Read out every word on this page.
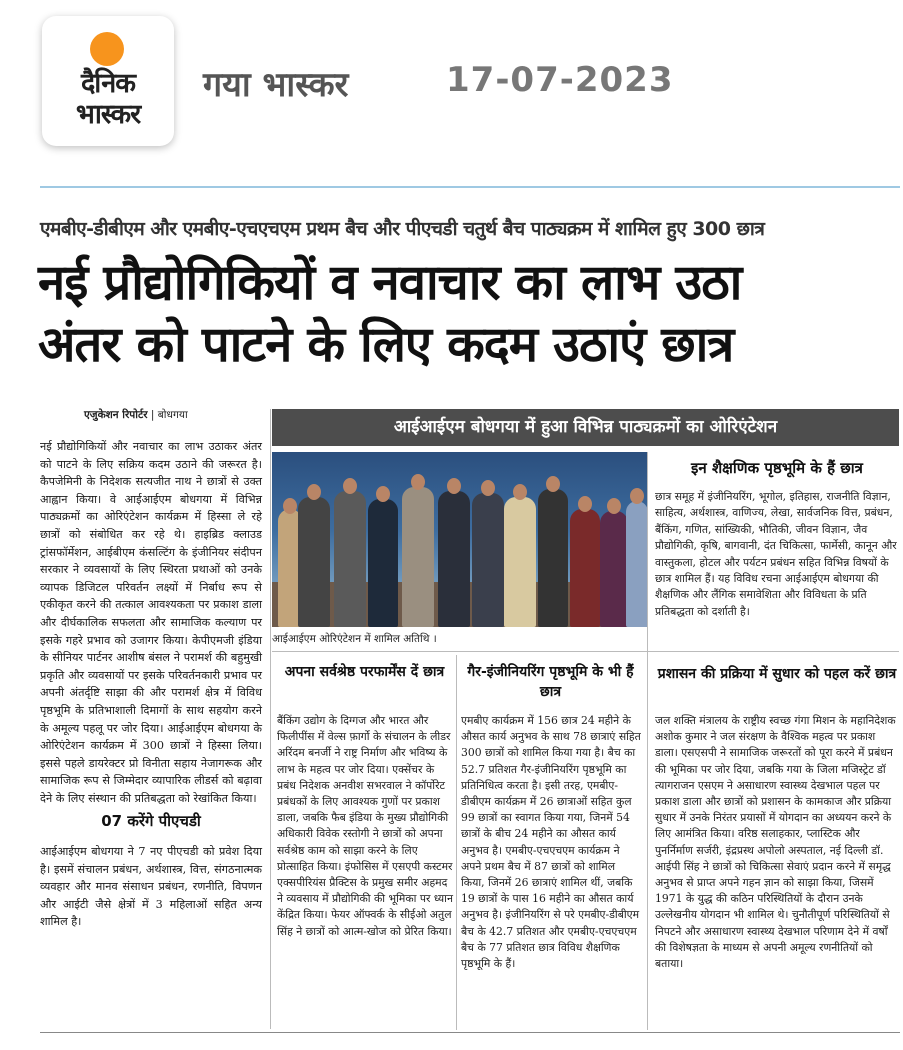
दैनिक
भास्कर
गया भास्कर	17-07-2023
एमबीए-डीबीएम और एमबीए-एचएचएम प्रथम बैच और पीएचडी चतुर्थ बैच पाठ्यक्रम में शामिल हुए 300 छात्र
नई प्रौद्योगिकियों व नवाचार का लाभ उठा
अंतर को पाटने के लिए कदम उठाएं छात्र
एजुकेशन रिपोर्टर | बोधगया

नई प्रौद्योगिकियों और नवाचार का लाभ उठाकर अंतर को पाटने के लिए सक्रिय कदम उठाने की जरूरत है। कैपजेमिनी के निदेशक सत्यजीत नाथ ने छात्रों से उक्त आह्वान किया। वे आईआईएम बोधगया में विभिन्न पाठ्यक्रमों का ओरिएंटेशन कार्यक्रम में हिस्सा ले रहे छात्रों को संबोधित कर रहे थे। हाइब्रिड क्लाउड ट्रांसफॉर्मेशन, आईबीएम कंसल्टिंग के इंजीनियर संदीपन सरकार ने व्यवसायों के लिए स्थिरता प्रथाओं को उनके व्यापक डिजिटल परिवर्तन लक्ष्यों में निर्बाध रूप से एकीकृत करने की तत्काल आवश्यकता पर प्रकाश डाला और दीर्घकालिक सफलता और सामाजिक कल्याण पर इसके गहरे प्रभाव को उजागर किया। केपीएमजी इंडिया के सीनियर पार्टनर आशीष बंसल ने परामर्श की बहुमुखी प्रकृति और व्यवसायों पर इसके परिवर्तनकारी प्रभाव पर अपनी अंतर्दृष्टि साझा की और परामर्श क्षेत्र में विविध पृष्ठभूमि के प्रतिभाशाली दिमागों के साथ सहयोग करने के अमूल्य पहलू पर जोर दिया। आईआईएम बोधगया के ओरिएंटेशन कार्यक्रम में 300 छात्रों ने हिस्सा लिया। इससे पहले डायरेक्टर प्रो विनीता सहाय नेजागरूक और सामाजिक रूप से जिम्मेदार व्यापारिक लीडर्स को बढ़ावा देने के लिए संस्थान की प्रतिबद्धता को रेखांकित किया।

07 करेंगे पीएचडी

आईआईएम बोधगया ने 7 नए पीएचडी को प्रवेश दिया है। इसमें संचालन प्रबंधन, अर्थशास्त्र, वित्त, संगठनात्मक व्यवहार और मानव संसाधन प्रबंधन, रणनीति, विपणन और आईटी जैसे क्षेत्रों में 3 महिलाओं सहित अन्य शामिल है।

आईआईएम बोधगया में हुआ विभिन्न पाठ्यक्रमों का ओरिएंटेशन
आईआईएम ओरिएंटेशन में शामिल अतिथि ।
इन शैक्षणिक पृष्ठभूमि के हैं छात्र
छात्र समूह में इंजीनियरिंग, भूगोल, इतिहास, राजनीति विज्ञान, साहित्य, अर्थशास्त्र, वाणिज्य, लेखा, सार्वजनिक वित्त, प्रबंधन, बैंकिंग, गणित, सांख्यिकी, भौतिकी, जीवन विज्ञान, जैव प्रौद्योगिकी, कृषि, बागवानी, दंत चिकित्सा, फार्मेसी, कानून और वास्तुकला, होटल और पर्यटन प्रबंधन सहित विभिन्न विषयों के छात्र शामिल हैं। यह विविध रचना आईआईएम बोधगया की शैक्षणिक और लैंगिक समावेशिता और विविधता के प्रति प्रतिबद्धता को दर्शाती है।
अपना सर्वश्रेष्ठ परफार्मेंस दें छात्र
बैंकिंग उद्योग के दिग्गज और भारत और फिलीपींस में वेल्स फ़ार्गो के संचालन के लीडर अरिंदम बनर्जी ने राष्ट्र निर्माण और भविष्य के लाभ के महत्व पर जोर दिया। एक्सेंचर के प्रबंध निदेशक अनवीश सभरवाल ने कॉर्पोरेट प्रबंधकों के लिए आवश्यक गुणों पर प्रकाश डाला, जबकि फैब इंडिया के मुख्य प्रौद्योगिकी अधिकारी विवेक रस्तोगी ने छात्रों को अपना सर्वश्रेष्ठ काम को साझा करने के लिए प्रोत्साहित किया। इंफोसिस में एसएपी कस्टमर एक्सपीरियंस प्रैक्टिस के प्रमुख समीर अहमद ने व्यवसाय में प्रौद्योगिकी की भूमिका पर ध्यान केंद्रित किया। फेयर ऑफ्वर्क के सीईओ अतुल सिंह ने छात्रों को आत्म-खोज को प्रेरित किया।
गैर-इंजीनियरिंग पृष्ठभूमि के भी हैं छात्र
एमबीए कार्यक्रम में 156 छात्र 24 महीने के औसत कार्य अनुभव के साथ 78 छात्राएं सहित 300 छात्रों को शामिल किया गया है। बैच का 52.7 प्रतिशत गैर-इंजीनियरिंग पृष्ठभूमि का प्रतिनिधित्व करता है। इसी तरह, एमबीए-डीबीएम कार्यक्रम में 26 छात्राओं सहित कुल 99 छात्रों का स्वागत किया गया, जिनमें 54 छात्रों के बीच 24 महीने का औसत कार्य अनुभव है। एमबीए-एचएचएम कार्यक्रम ने अपने प्रथम बैच में 87 छात्रों को शामिल किया, जिनमें 26 छात्राएं शामिल थीं, जबकि 19 छात्रों के पास 16 महीने का औसत कार्य अनुभव है। इंजीनियरिंग से परे एमबीए-डीबीएम बैच के 42.7 प्रतिशत और एमबीए-एचएचएम बैच के 77 प्रतिशत छात्र विविध शैक्षणिक पृष्ठभूमि के हैं।
प्रशासन की प्रक्रिया में सुधार को पहल करें छात्र
जल शक्ति मंत्रालय के राष्ट्रीय स्वच्छ गंगा मिशन के महानिदेशक अशोक कुमार ने जल संरक्षण के वैश्विक महत्व पर प्रकाश डाला। एसएसपी ने सामाजिक जरूरतों को पूरा करने में प्रबंधन की भूमिका पर जोर दिया, जबकि गया के जिला मजिस्ट्रेट डॉ त्यागराजन एसएम ने असाधारण स्वास्थ्य देखभाल पहल पर प्रकाश डाला और छात्रों को प्रशासन के कामकाज और प्रक्रिया सुधार में उनके निरंतर प्रयासों में योगदान का अध्ययन करने के लिए आमंत्रित किया। वरिष्ठ सलाहकार, प्लास्टिक और पुनर्निर्माण सर्जरी, इंद्रप्रस्थ अपोलो अस्पताल, नई दिल्ली डॉ. आईपी सिंह ने छात्रों को चिकित्सा सेवाएं प्रदान करने में समृद्ध अनुभव से प्राप्त अपने गहन ज्ञान को साझा किया, जिसमें 1971 के युद्ध की कठिन परिस्थितियों के दौरान उनके उल्लेखनीय योगदान भी शामिल थे। चुनौतीपूर्ण परिस्थितियों से निपटने और असाधारण स्वास्थ्य देखभाल परिणाम देने में वर्षों की विशेषज्ञता के माध्यम से अपनी अमूल्य रणनीतियों को बताया।
